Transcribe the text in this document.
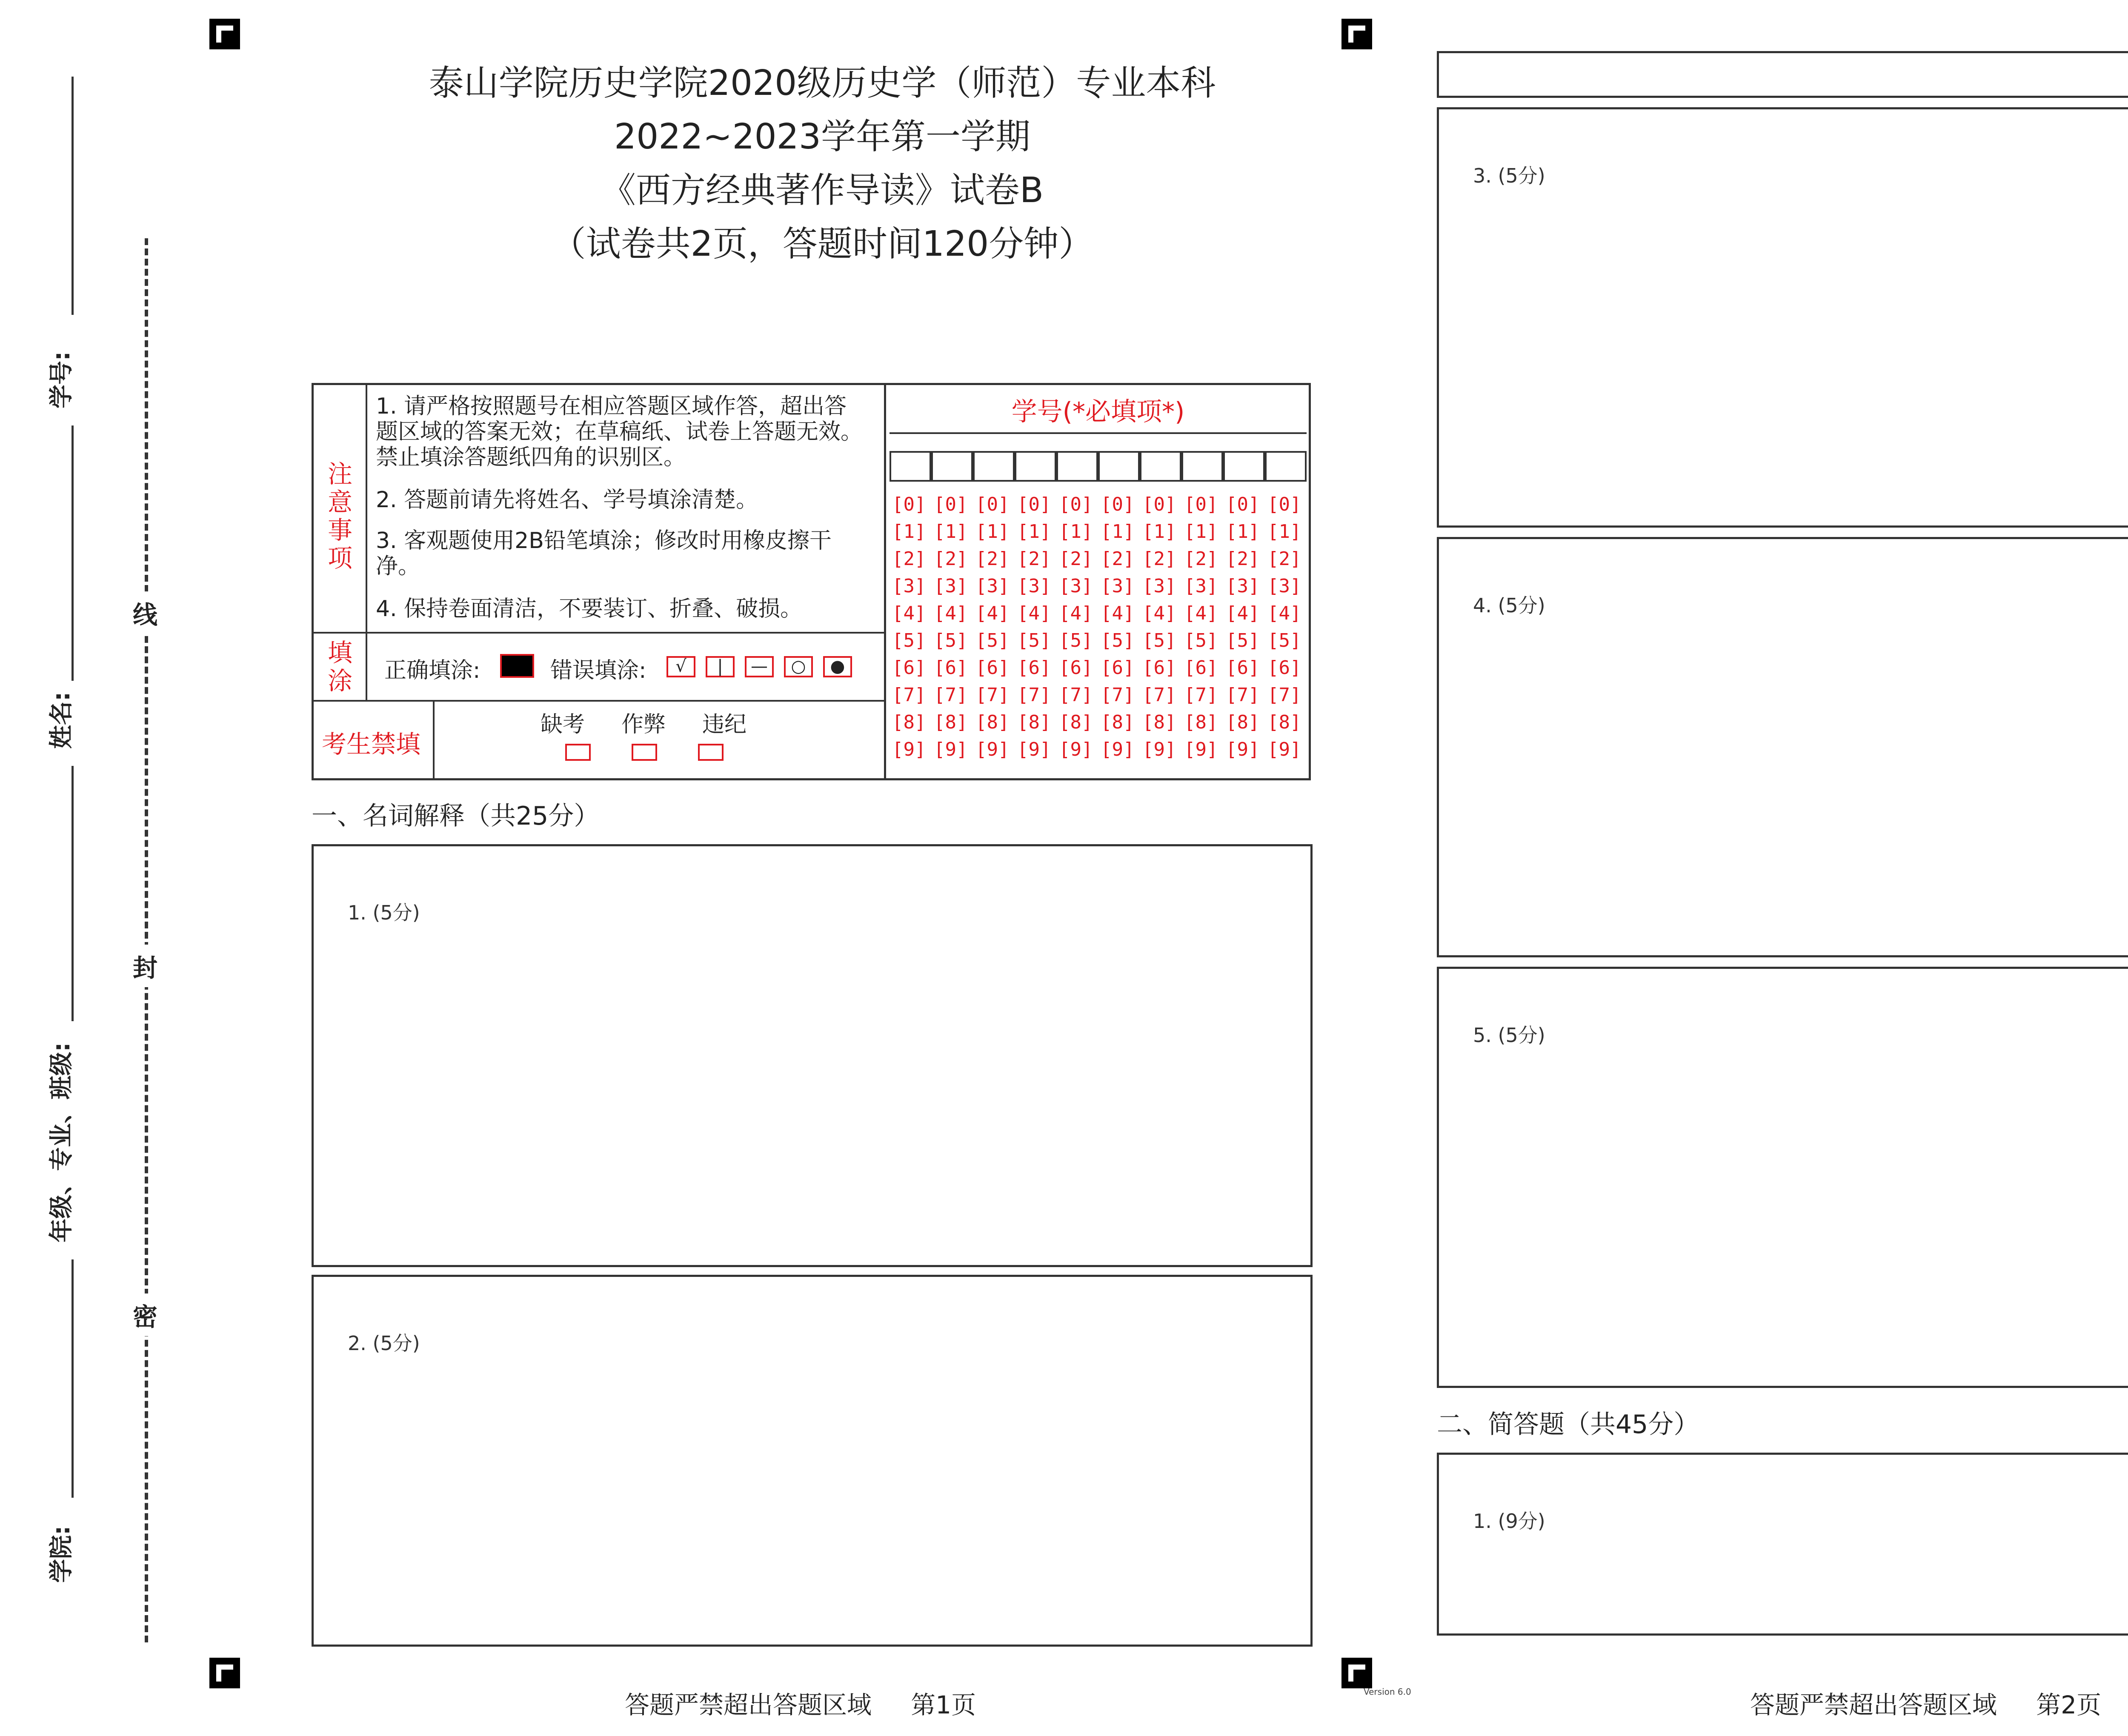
学号:
姓名:
年级、专业、班级:
学院:
线
封
密
泰山学院历史学院2020级历史学（师范）专业本科
2022~2023学年第一学期
《西方经典著作导读》试卷B
（试卷共2页，答题时间120分钟）
注
意
事
项
1. 请严格按照题号在相应答题区域作答，超出答题区域的答案无效；在草稿纸、试卷上答题无效。禁止填涂答题纸四角的识别区。
2. 答题前请先将姓名、学号填涂清楚。
3. 客观题使用2B铅笔填涂；修改时用橡皮擦干净。
4. 保持卷面清洁，不要装订、折叠、破损。
填
涂 正确填涂:	错误填涂:	√	|	—	○	●
考生禁填
缺考 作弊 违纪
学号(*必填项*)
[0] [0] [0] [0] [0] [0] [0] [0] [0] [0]
[1] [1] [1] [1] [1] [1] [1] [1] [1] [1]
[2] [2] [2] [2] [2] [2] [2] [2] [2] [2]
[3] [3] [3] [3] [3] [3] [3] [3] [3] [3]
[4] [4] [4] [4] [4] [4] [4] [4] [4] [4]
[5] [5] [5] [5] [5] [5] [5] [5] [5] [5]
[6] [6] [6] [6] [6] [6] [6] [6] [6] [6]
[7] [7] [7] [7] [7] [7] [7] [7] [7] [7]
[8] [8] [8] [8] [8] [8] [8] [8] [8] [8]
[9] [9] [9] [9] [9] [9] [9] [9] [9] [9]
一、名词解释（共25分）
1. (5分)
2. (5分)
答题严禁超出答题区域     第1页	Version 6.0
3. (5分)
4. (5分)
5. (5分)
二、简答题（共45分）
1. (9分)
答题严禁超出答题区域     第2页
